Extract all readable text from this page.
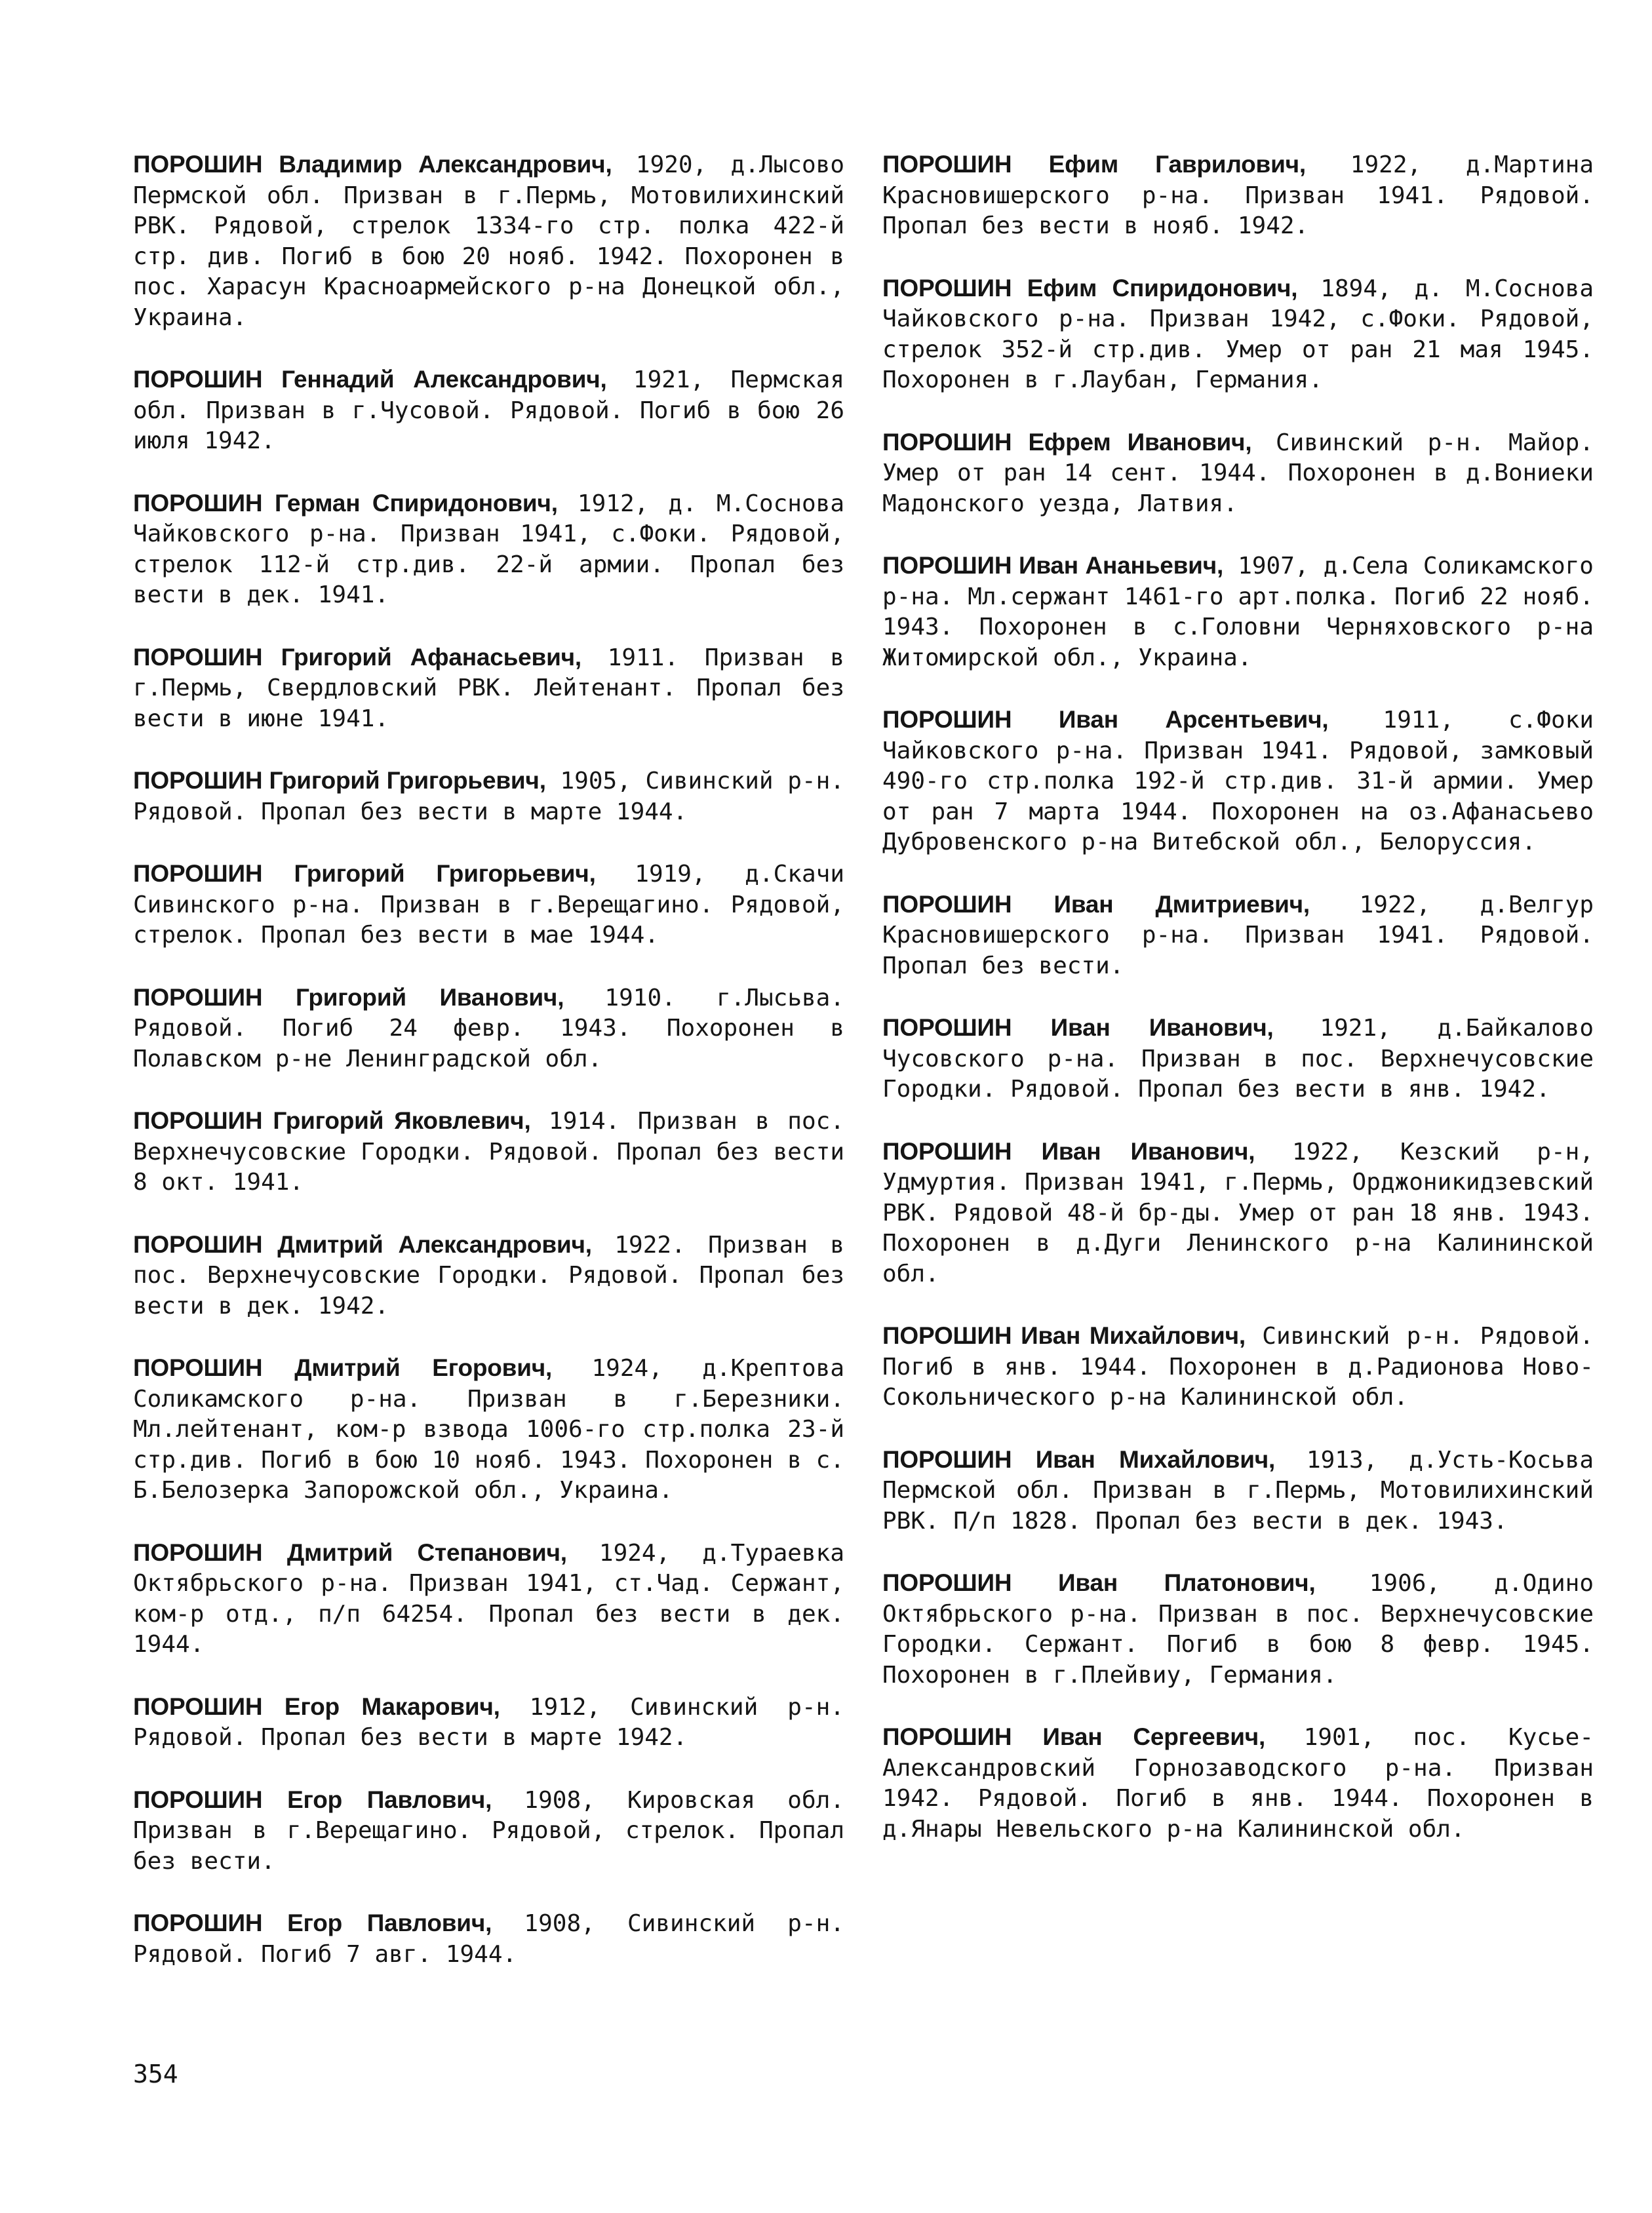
ПОРОШИН Владимир Александрович, 1920, д.Лысово Пермской обл. Призван в г.Пермь, Мотовилихинский РВК. Рядовой, стрелок 1334-го стр. полка 422-й стр. див. Погиб в бою 20 нояб. 1942. Похоронен в пос. Харасун Красноармейского р-на Донецкой обл., Украина.

ПОРОШИН Геннадий Александрович, 1921, Пермская обл. Призван в г.Чусовой. Рядовой. Погиб в бою 26 июля 1942.

ПОРОШИН Герман Спиридонович, 1912, д. М.Соснова Чайковского р-на. Призван 1941, с.Фоки. Рядовой, стрелок 112-й стр.див. 22-й армии. Пропал без вести в дек. 1941.

ПОРОШИН Григорий Афанасьевич, 1911. Призван в г.Пермь, Свердловский РВК. Лейтенант. Пропал без вести в июне 1941.

ПОРОШИН Григорий Григорьевич, 1905, Сивинский р-н. Рядовой. Пропал без вести в марте 1944.

ПОРОШИН Григорий Григорьевич, 1919, д.Скачи Сивинского р-на. Призван в г.Верещагино. Рядовой, стрелок. Пропал без вести в мае 1944.

ПОРОШИН Григорий Иванович, 1910. г.Лысьва. Рядовой. Погиб 24 февр. 1943. Похоронен в Полавском р-не Ленинградской обл.

ПОРОШИН Григорий Яковлевич, 1914. Призван в пос. Верхнечусовские Городки. Рядовой. Пропал без вести 8 окт. 1941.

ПОРОШИН Дмитрий Александрович, 1922. Призван в пос. Верхнечусовские Городки. Рядовой. Пропал без вести в дек. 1942.

ПОРОШИН Дмитрий Егорович, 1924, д.Крептова Соликамского р-на. Призван в г.Березники. Мл.лейтенант, ком-р взвода 1006-го стр.полка 23-й стр.див. Погиб в бою 10 нояб. 1943. Похоронен в с. Б.Белозерка Запорожской обл., Украина.

ПОРОШИН Дмитрий Степанович, 1924, д.Тураевка Октябрьского р-на. Призван 1941, ст.Чад. Сержант, ком-р отд., п/п 64254. Пропал без вести в дек. 1944.

ПОРОШИН Егор Макарович, 1912, Сивинский р-н. Рядовой. Пропал без вести в марте 1942.

ПОРОШИН Егор Павлович, 1908, Кировская обл. Призван в г.Верещагино. Рядовой, стрелок. Пропал без вести.

ПОРОШИН Егор Павлович, 1908, Сивинский р-н. Рядовой. Погиб 7 авг. 1944.

ПОРОШИН Ефим Гаврилович, 1922, д.Мартина Красновишерского р-на. Призван 1941. Рядовой. Пропал без вести в нояб. 1942.

ПОРОШИН Ефим Спиридонович, 1894, д. М.Соснова Чайковского р-на. Призван 1942, с.Фоки. Рядовой, стрелок 352-й стр.див. Умер от ран 21 мая 1945. Похоронен в г.Лаубан, Германия.

ПОРОШИН Ефрем Иванович, Сивинский р-н. Майор. Умер от ран 14 сент. 1944. Похоронен в д.Вониеки Мадонского уезда, Латвия.

ПОРОШИН Иван Ананьевич, 1907, д.Села Соликамского р-на. Мл.сержант 1461-го арт.полка. Погиб 22 нояб. 1943. Похоронен в с.Головни Черняховского р-на Житомирской обл., Украина.

ПОРОШИН Иван Арсентьевич, 1911, с.Фоки Чайковского р-на. Призван 1941. Рядовой, замковый 490-го стр.полка 192-й стр.див. 31-й армии. Умер от ран 7 марта 1944. Похоронен на оз.Афанасьево Дубровенского р-на Витебской обл., Белоруссия.

ПОРОШИН Иван Дмитриевич, 1922, д.Велгур Красновишерского р-на. Призван 1941. Рядовой. Пропал без вести.

ПОРОШИН Иван Иванович, 1921, д.Байкалово Чусовского р-на. Призван в пос. Верхнечусовские Городки. Рядовой. Пропал без вести в янв. 1942.

ПОРОШИН Иван Иванович, 1922, Кезский р-н, Удмуртия. Призван 1941, г.Пермь, Орджоникидзевский РВК. Рядовой 48-й бр-ды. Умер от ран 18 янв. 1943. Похоронен в д.Дуги Ленинского р-на Калининской обл.

ПОРОШИН Иван Михайлович, Сивинский р-н. Рядовой. Погиб в янв. 1944. Похоронен в д.Радионова Ново-Сокольнического р-на Калининской обл.

ПОРОШИН Иван Михайлович, 1913, д.Усть-Косьва Пермской обл. Призван в г.Пермь, Мотовилихинский РВК. П/п 1828. Пропал без вести в дек. 1943.

ПОРОШИН Иван Платонович, 1906, д.Одино Октябрьского р-на. Призван в пос. Верхнечусовские Городки. Сержант. Погиб в бою 8 февр. 1945. Похоронен в г.Плейвиу, Германия.

ПОРОШИН Иван Сергеевич, 1901, пос. Кусье-Александровский Горнозаводского р-на. Призван 1942. Рядовой. Погиб в янв. 1944. Похоронен в д.Янары Невельского р-на Калининской обл.

354
